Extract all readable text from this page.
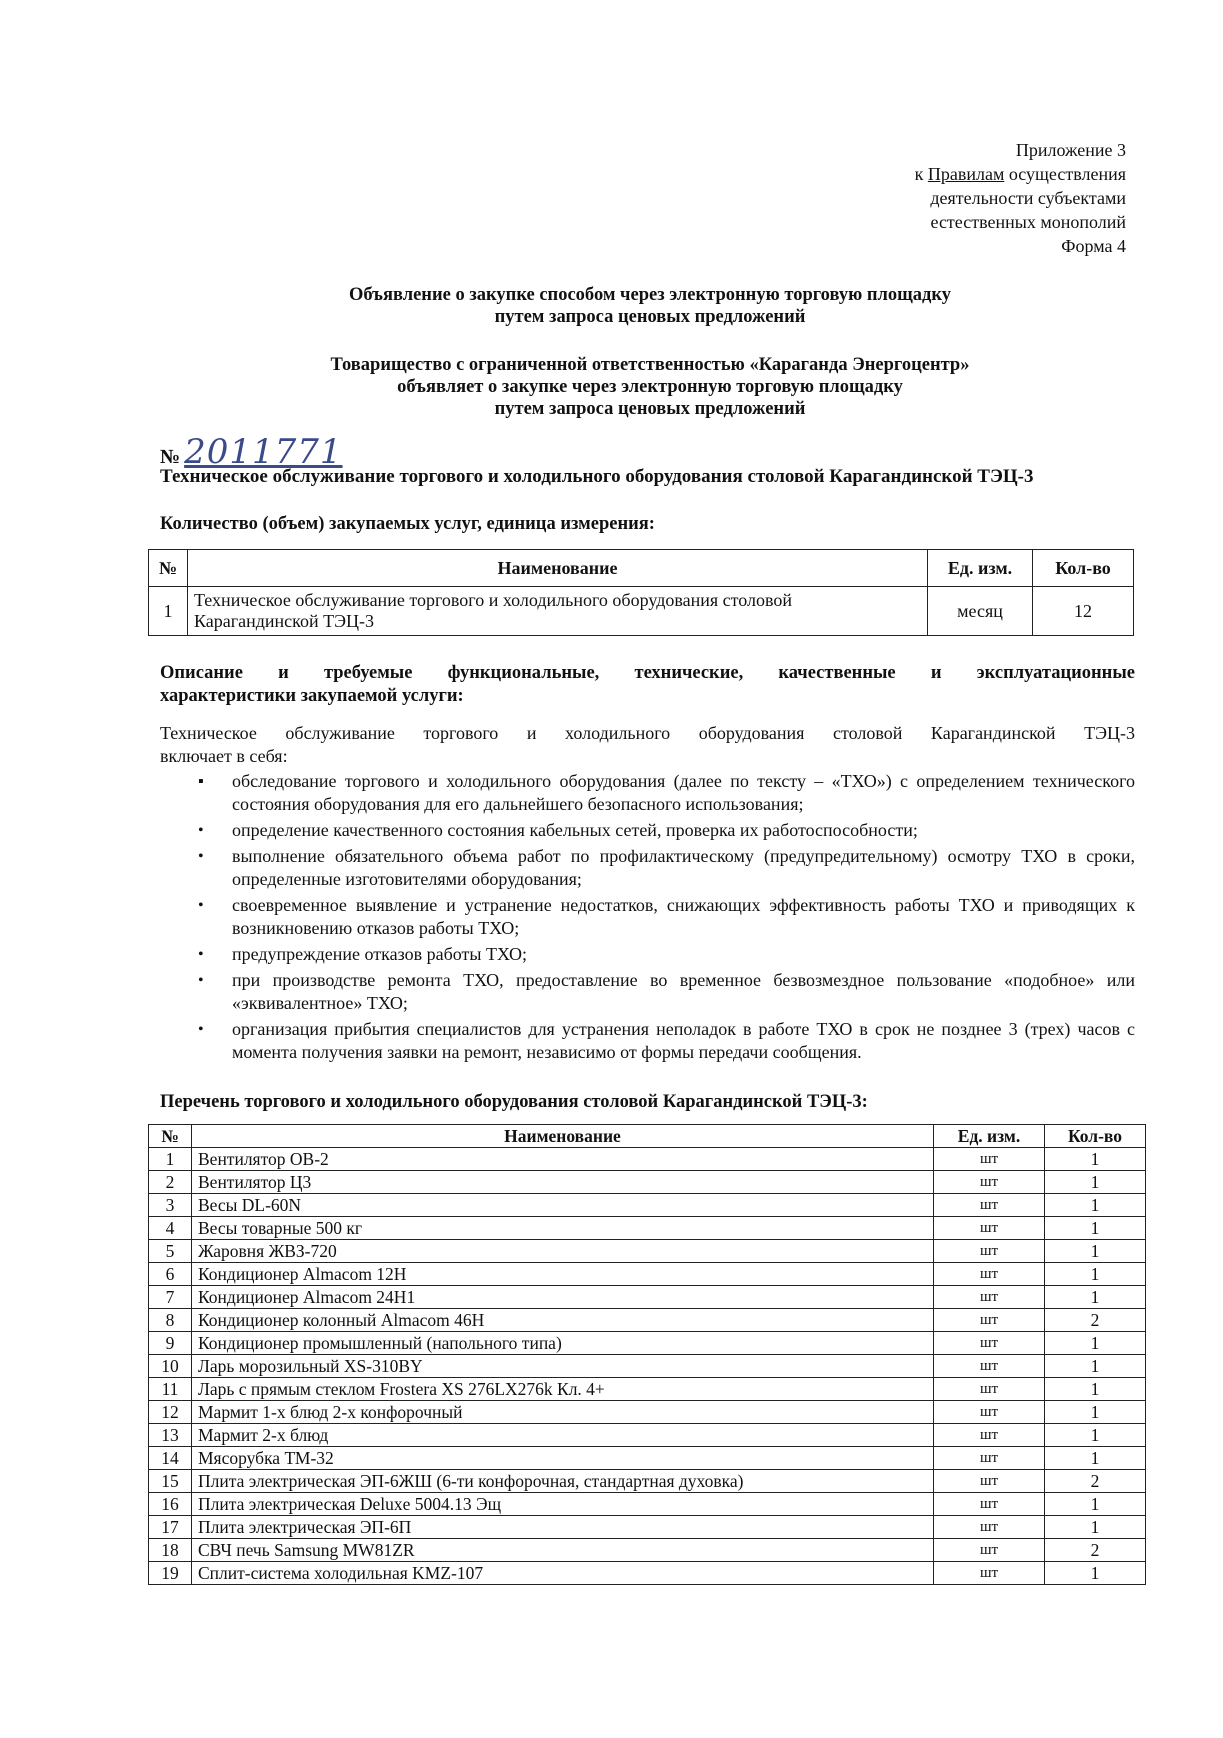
Приложение 3
к Правилам осуществления
деятельности субъектами
естественных монополий
Форма 4
Объявление о закупке способом через электронную торговую площадку
путем запроса ценовых предложений
Товарищество с ограниченной ответственностью «Караганда Энергоцентр»
объявляет о закупке через электронную торговую площадку
путем запроса ценовых предложений
№ 2011771
Техническое обслуживание торгового и холодильного оборудования столовой Карагандинской ТЭЦ-3
Количество (объем) закупаемых услуг, единица измерения:
№	Наименование	Ед. изм.	Кол-во
1	Техническое обслуживание торгового и холодильного оборудования столовой Карагандинской ТЭЦ-3	месяц	12
Описание и требуемые функциональные, технические, качественные и эксплуатационные
характеристики закупаемой услуги:
Техническое обслуживание торгового и холодильного оборудования столовой Карагандинской ТЭЦ-3
включает в себя:
▪ обследование торгового и холодильного оборудования (далее по тексту – «ТХО») с определением технического состояния оборудования для его дальнейшего безопасного использования;
• определение качественного состояния кабельных сетей, проверка их работоспособности;
• выполнение обязательного объема работ по профилактическому (предупредительному) осмотру ТХО в сроки, определенные изготовителями оборудования;
• своевременное выявление и устранение недостатков, снижающих эффективность работы ТХО и приводящих к возникновению отказов работы ТХО;
• предупреждение отказов работы ТХО;
• при производстве ремонта ТХО, предоставление во временное безвозмездное пользование «подобное» или «эквивалентное» ТХО;
• организация прибытия специалистов для устранения неполадок в работе ТХО в срок не позднее 3 (трех) часов с момента получения заявки на ремонт, независимо от формы передачи сообщения.
Перечень торгового и холодильного оборудования столовой Карагандинской ТЭЦ-3:
№	Наименование	Ед. изм.	Кол-во
1	Вентилятор ОВ-2	шт	1
2	Вентилятор Ц3	шт	1
3	Весы DL-60N	шт	1
4	Весы товарные 500 кг	шт	1
5	Жаровня ЖВЗ-720	шт	1
6	Кондиционер Almacom 12H	шт	1
7	Кондиционер Almacom 24H1	шт	1
8	Кондиционер колонный Almacom 46H	шт	2
9	Кондиционер промышленный (напольного типа)	шт	1
10	Ларь морозильный XS-310BY	шт	1
11	Ларь с прямым стеклом Frostera XS 276LX276k Кл. 4+	шт	1
12	Мармит 1-х блюд 2-х конфорочный	шт	1
13	Мармит 2-х блюд	шт	1
14	Мясорубка ТМ-32	шт	1
15	Плита электрическая ЭП-6ЖШ (6-ти конфорочная, стандартная духовка)	шт	2
16	Плита электрическая Deluxe 5004.13 Эщ	шт	1
17	Плита электрическая ЭП-6П	шт	1
18	СВЧ печь Samsung MW81ZR	шт	2
19	Сплит-система холодильная KMZ-107	шт	1
